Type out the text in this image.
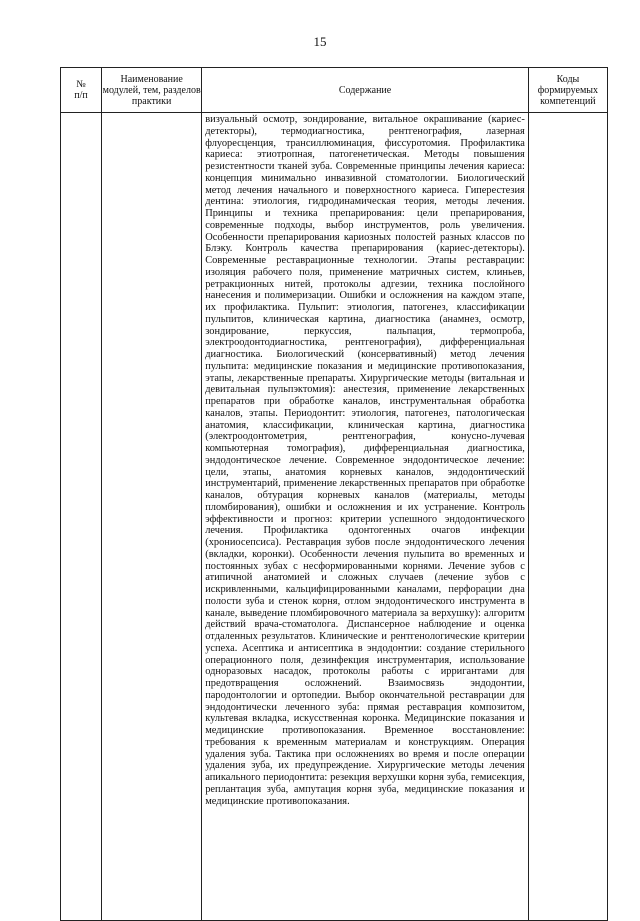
15
№
п/п	Наименование модулей, тем, разделов практики	Содержание	Коды формируемых компетенций
		визуальный осмотр, зондирование, витальное окрашивание (кариес-детекторы), термодиагностика, рентгенография, лазерная флуоресценция, трансиллюминация, фиссуротомия. Профилактика кариеса: этиотропная, патогенетическая. Методы повышения резистентности тканей зуба. Современные принципы лечения кариеса: концепция минимально инвазивной стоматологии. Биологический метод лечения начального и поверхностного кариеса. Гиперестезия дентина: этиология, гидродинамическая теория, методы лечения. Принципы и техника препарирования: цели препарирования, современные подходы, выбор инструментов, роль увеличения. Особенности препарирования кариозных полостей разных классов по Блэку. Контроль качества препарирования (кариес-детекторы). Современные реставрационные технологии. Этапы реставрации: изоляция рабочего поля, применение матричных систем, клиньев, ретракционных нитей, протоколы адгезии, техника послойного нанесения и полимеризации. Ошибки и осложнения на каждом этапе, их профилактика. Пульпит: этиология, патогенез, классификации пульпитов, клиническая картина, диагностика (анамнез, осмотр, зондирование, перкуссия, пальпация, термопроба, электроодонтодиагностика, рентгенография), дифференциальная диагностика. Биологический (консервативный) метод лечения пульпита: медицинские показания и медицинские противопоказания, этапы, лекарственные препараты. Хирургические методы (витальная и девитальная пульпэктомия): анестезия, применение лекарственных препаратов при обработке каналов, инструментальная обработка каналов, этапы. Периодонтит: этиология, патогенез, патологическая анатомия, классификации, клиническая картина, диагностика (электроодонтометрия, рентгенография, конусно-лучевая компьютерная томография), дифференциальная диагностика, эндодонтическое лечение. Современное эндодонтическое лечение: цели, этапы, анатомия корневых каналов, эндодонтический инструментарий, применение лекарственных препаратов при обработке каналов, обтурация корневых каналов (материалы, методы пломбирования), ошибки и осложнения и их устранение. Контроль эффективности и прогноз: критерии успешного эндодонтического лечения. Профилактика одонтогенных очагов инфекции (хрониосепсиса). Реставрация зубов после эндодонтического лечения (вкладки, коронки). Особенности лечения пульпита во временных и постоянных зубах с несформированными корнями. Лечение зубов с атипичной анатомией и сложных случаев (лечение зубов с искривленными, кальцифицированными каналами, перфорации дна полости зуба и стенок корня, отлом эндодонтического инструмента в канале, выведение пломбировочного материала за верхушку): алгоритм действий врача-стоматолога. Диспансерное наблюдение и оценка отдаленных результатов. Клинические и рентгенологические критерии успеха. Асептика и антисептика в эндодонтии: создание стерильного операционного поля, дезинфекция инструментария, использование одноразовых насадок, протоколы работы с ирригантами для предотвращения осложнений. Взаимосвязь эндодонтии, пародонтологии и ортопедии. Выбор окончательной реставрации для эндодонтически леченного зуба: прямая реставрация композитом, культевая вкладка, искусственная коронка. Медицинские показания и медицинские противопоказания. Временное восстановление: требования к временным материалам и конструкциям. Операция удаления зуба. Тактика при осложнениях во время и после операции удаления зуба, их предупреждение. Хирургические методы лечения апикального периодонтита: резекция верхушки корня зуба, гемисекция, реплантация зуба, ампутация корня зуба, медицинские показания и медицинские противопоказания.	
